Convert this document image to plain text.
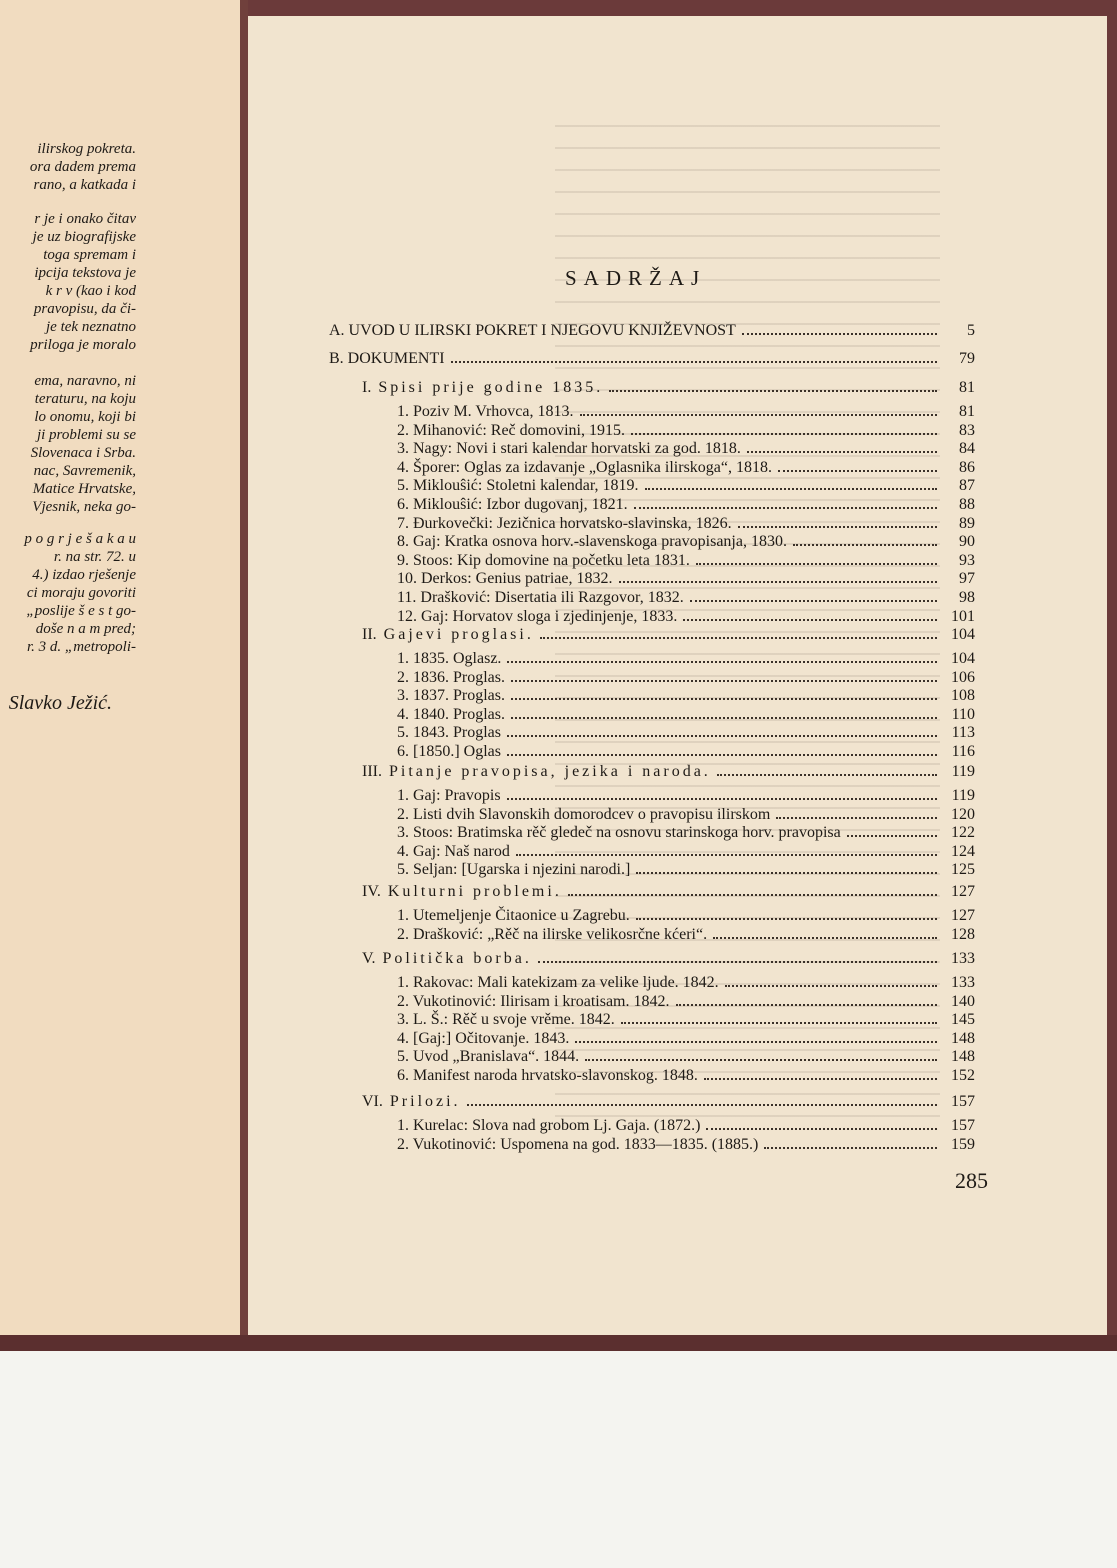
ilirskog pokreta.
ora dadem prema
rano, a katkada i
r je i onako čitav
je uz biografijske
toga spremam i
ipcija tekstova je
k r v (kao i kod
pravopisu, da či-
je tek neznatno
priloga je moralo
ema, naravno, ni
teraturu, na koju
lo onomu, koji bi
ji problemi su se
Slovenaca i Srba.
nac, Savremenik,
Matice Hrvatske,
Vjesnik, neka go-
p o g r j e š a k a u
r. na str. 72. u
4.) izdao rješenje
ci moraju govoriti
„poslije š e s t go-
doše n a m pred;
r. 3 d. „metropoli-
Slavko Ježić.
SADRŽAJ
A. UVOD U ILIRSKI POKRET I NJEGOVU KNJIŽEVNOST	5
B. DOKUMENTI	79
I. Spisi prije godine 1835.	81
1. Poziv M. Vrhovca, 1813.	81
2. Mihanović: Reč domovini, 1915.	83
3. Nagy: Novi i stari kalendar horvatski za god. 1818.	84
4. Šporer: Oglas za izdavanje „Oglasnika ilirskoga“, 1818.	86
5. Miklouŝić: Stoletni kalendar, 1819.	87
6. Miklouŝić: Izbor dugovanj, 1821.	88
7. Đurkovečki: Jezičnica horvatsko-slavinska, 1826.	89
8. Gaj: Kratka osnova horv.-slavenskoga pravopisanja, 1830.	90
9. Stoos: Kip domovine na početku leta 1831.	93
10. Derkos: Genius patriae, 1832.	97
11. Drašković: Disertatia ili Razgovor, 1832.	98
12. Gaj: Horvatov sloga i zjedinjenje, 1833.	101
II. Gajevi proglasi.	104
1. 1835. Oglasz.	104
2. 1836. Proglas.	106
3. 1837. Proglas.	108
4. 1840. Proglas.	110
5. 1843. Proglas	113
6. [1850.] Oglas	116
III. Pitanje pravopisa, jezika i naroda.	119
1. Gaj: Pravopis	119
2. Listi dvih Slavonskih domorodcev o pravopisu ilirskom	120
3. Stoos: Bratimska rěč gledeč na osnovu starinskoga horv. pravopisa	122
4. Gaj: Naš narod	124
5. Seljan: [Ugarska i njezini narodi.]	125
IV. Kulturni problemi.	127
1. Utemeljenje Čitaonice u Zagrebu.	127
2. Drašković: „Rěč na ilirske velikosrčne kćeri“.	128
V. Politička borba.	133
1. Rakovac: Mali katekizam za velike ljude. 1842.	133
2. Vukotinović: Ilirisam i kroatisam. 1842.	140
3. L. Š.: Rěč u svoje vrěme. 1842.	145
4. [Gaj:] Očitovanje. 1843.	148
5. Uvod „Branislava“. 1844.	148
6. Manifest naroda hrvatsko-slavonskog. 1848.	152
VI. Prilozi.	157
1. Kurelac: Slova nad grobom Lj. Gaja. (1872.)	157
2. Vukotinović: Uspomena na god. 1833—1835. (1885.)	159
285
